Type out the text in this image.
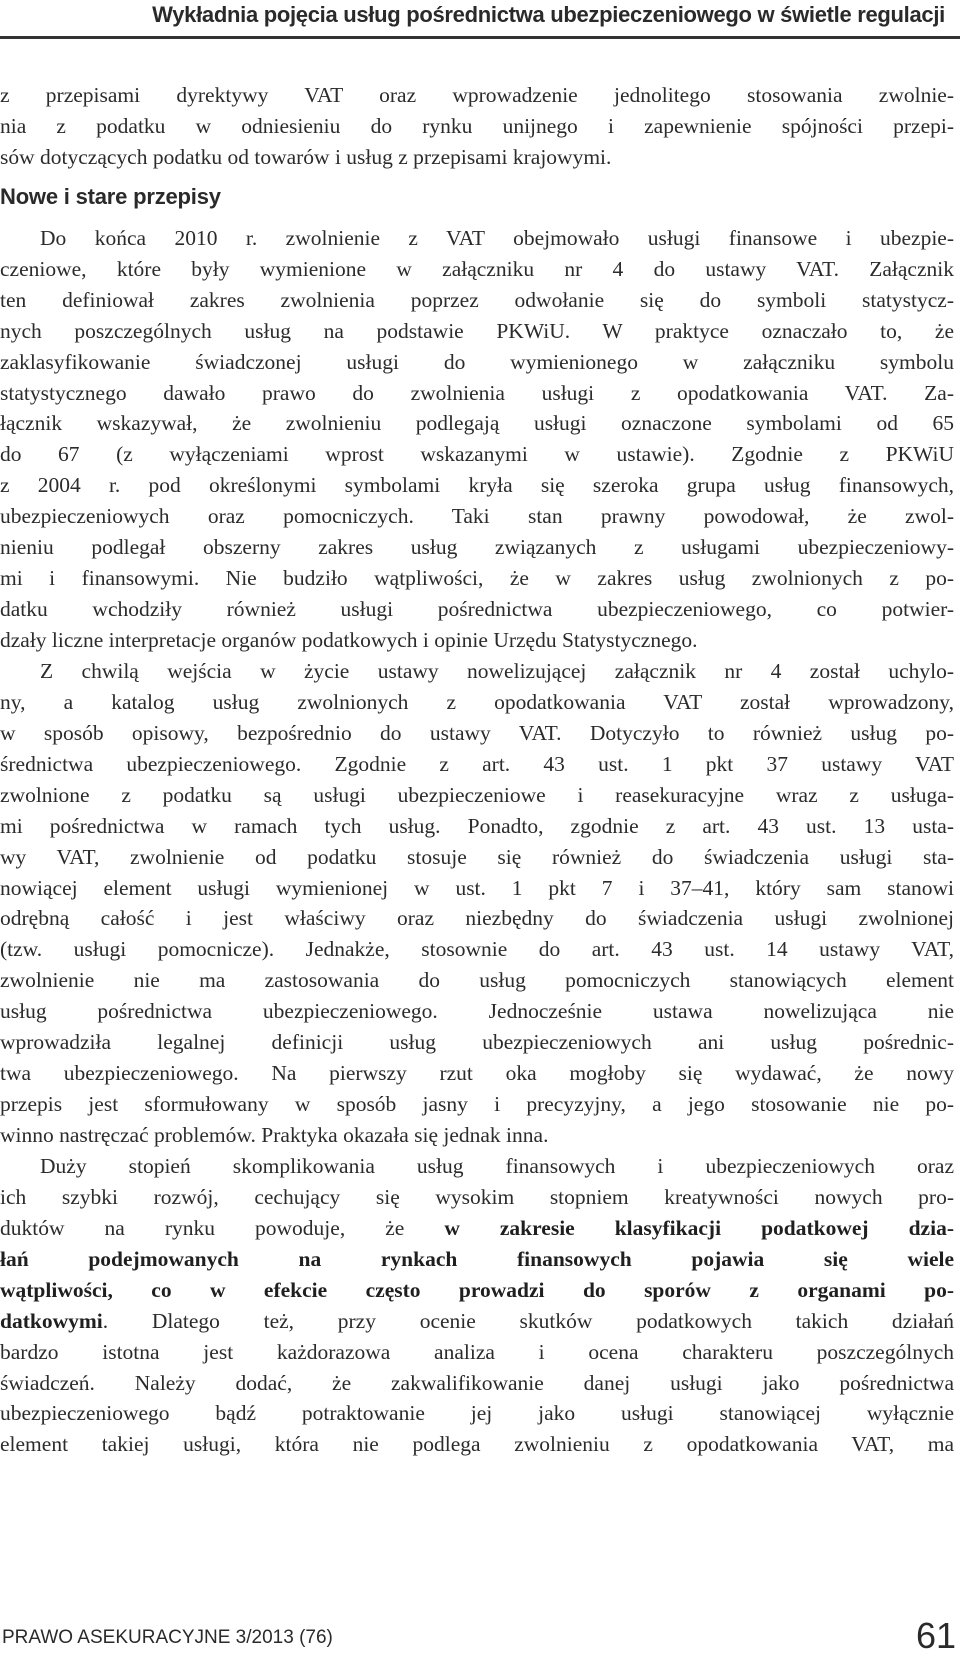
Wykładnia pojęcia usług pośrednictwa ubezpieczeniowego w świetle regulacji
z przepisami dyrektywy VAT oraz wprowadzenie jednolitego stosowania zwolnie-
nia z podatku w odniesieniu do rynku unijnego i zapewnienie spójności przepi-
sów dotyczących podatku od towarów i usług z przepisami krajowymi.
Nowe i stare przepisy
Do końca 2010 r. zwolnienie z VAT obejmowało usługi finansowe i ubezpie-
czeniowe, które były wymienione w załączniku nr 4 do ustawy VAT. Załącznik
ten definiował zakres zwolnienia poprzez odwołanie się do symboli statystycz-
nych poszczególnych usług na podstawie PKWiU. W praktyce oznaczało to, że
zaklasyfikowanie świadczonej usługi do wymienionego w załączniku symbolu
statystycznego dawało prawo do zwolnienia usługi z opodatkowania VAT. Za-
łącznik wskazywał, że zwolnieniu podlegają usługi oznaczone symbolami od 65
do 67 (z wyłączeniami wprost wskazanymi w ustawie). Zgodnie z PKWiU
z 2004 r. pod określonymi symbolami kryła się szeroka grupa usług finansowych,
ubezpieczeniowych oraz pomocniczych. Taki stan prawny powodował, że zwol-
nieniu podlegał obszerny zakres usług związanych z usługami ubezpieczeniowy-
mi i finansowymi. Nie budziło wątpliwości, że w zakres usług zwolnionych z po-
datku wchodziły również usługi pośrednictwa ubezpieczeniowego, co potwier-
dzały liczne interpretacje organów podatkowych i opinie Urzędu Statystycznego.
Z chwilą wejścia w życie ustawy nowelizującej załącznik nr 4 został uchylo-
ny, a katalog usług zwolnionych z opodatkowania VAT został wprowadzony,
w sposób opisowy, bezpośrednio do ustawy VAT. Dotyczyło to również usług po-
średnictwa ubezpieczeniowego. Zgodnie z art. 43 ust. 1 pkt 37 ustawy VAT
zwolnione z podatku są usługi ubezpieczeniowe i reasekuracyjne wraz z usługa-
mi pośrednictwa w ramach tych usług. Ponadto, zgodnie z art. 43 ust. 13 usta-
wy VAT, zwolnienie od podatku stosuje się również do świadczenia usługi sta-
nowiącej element usługi wymienionej w ust. 1 pkt 7 i 37–41, który sam stanowi
odrębną całość i jest właściwy oraz niezbędny do świadczenia usługi zwolnionej
(tzw. usługi pomocnicze). Jednakże, stosownie do art. 43 ust. 14 ustawy VAT,
zwolnienie nie ma zastosowania do usług pomocniczych stanowiących element
usług pośrednictwa ubezpieczeniowego. Jednocześnie ustawa nowelizująca nie
wprowadziła legalnej definicji usług ubezpieczeniowych ani usług pośrednic-
twa ubezpieczeniowego. Na pierwszy rzut oka mogłoby się wydawać, że nowy
przepis jest sformułowany w sposób jasny i precyzyjny, a jego stosowanie nie po-
winno nastręczać problemów. Praktyka okazała się jednak inna.
Duży stopień skomplikowania usług finansowych i ubezpieczeniowych oraz
ich szybki rozwój, cechujący się wysokim stopniem kreatywności nowych pro-
duktów na rynku powoduje, że w zakresie klasyfikacji podatkowej dzia-
łań podejmowanych na rynkach finansowych pojawia się wiele
wątpliwości, co w efekcie często prowadzi do sporów z organami po-
datkowymi. Dlatego też, przy ocenie skutków podatkowych takich działań
bardzo istotna jest każdorazowa analiza i ocena charakteru poszczególnych
świadczeń. Należy dodać, że zakwalifikowanie danej usługi jako pośrednictwa
ubezpieczeniowego bądź potraktowanie jej jako usługi stanowiącej wyłącznie
element takiej usługi, która nie podlega zwolnieniu z opodatkowania VAT, ma
PRAWO ASEKURACYJNE 3/2013 (76)	61
